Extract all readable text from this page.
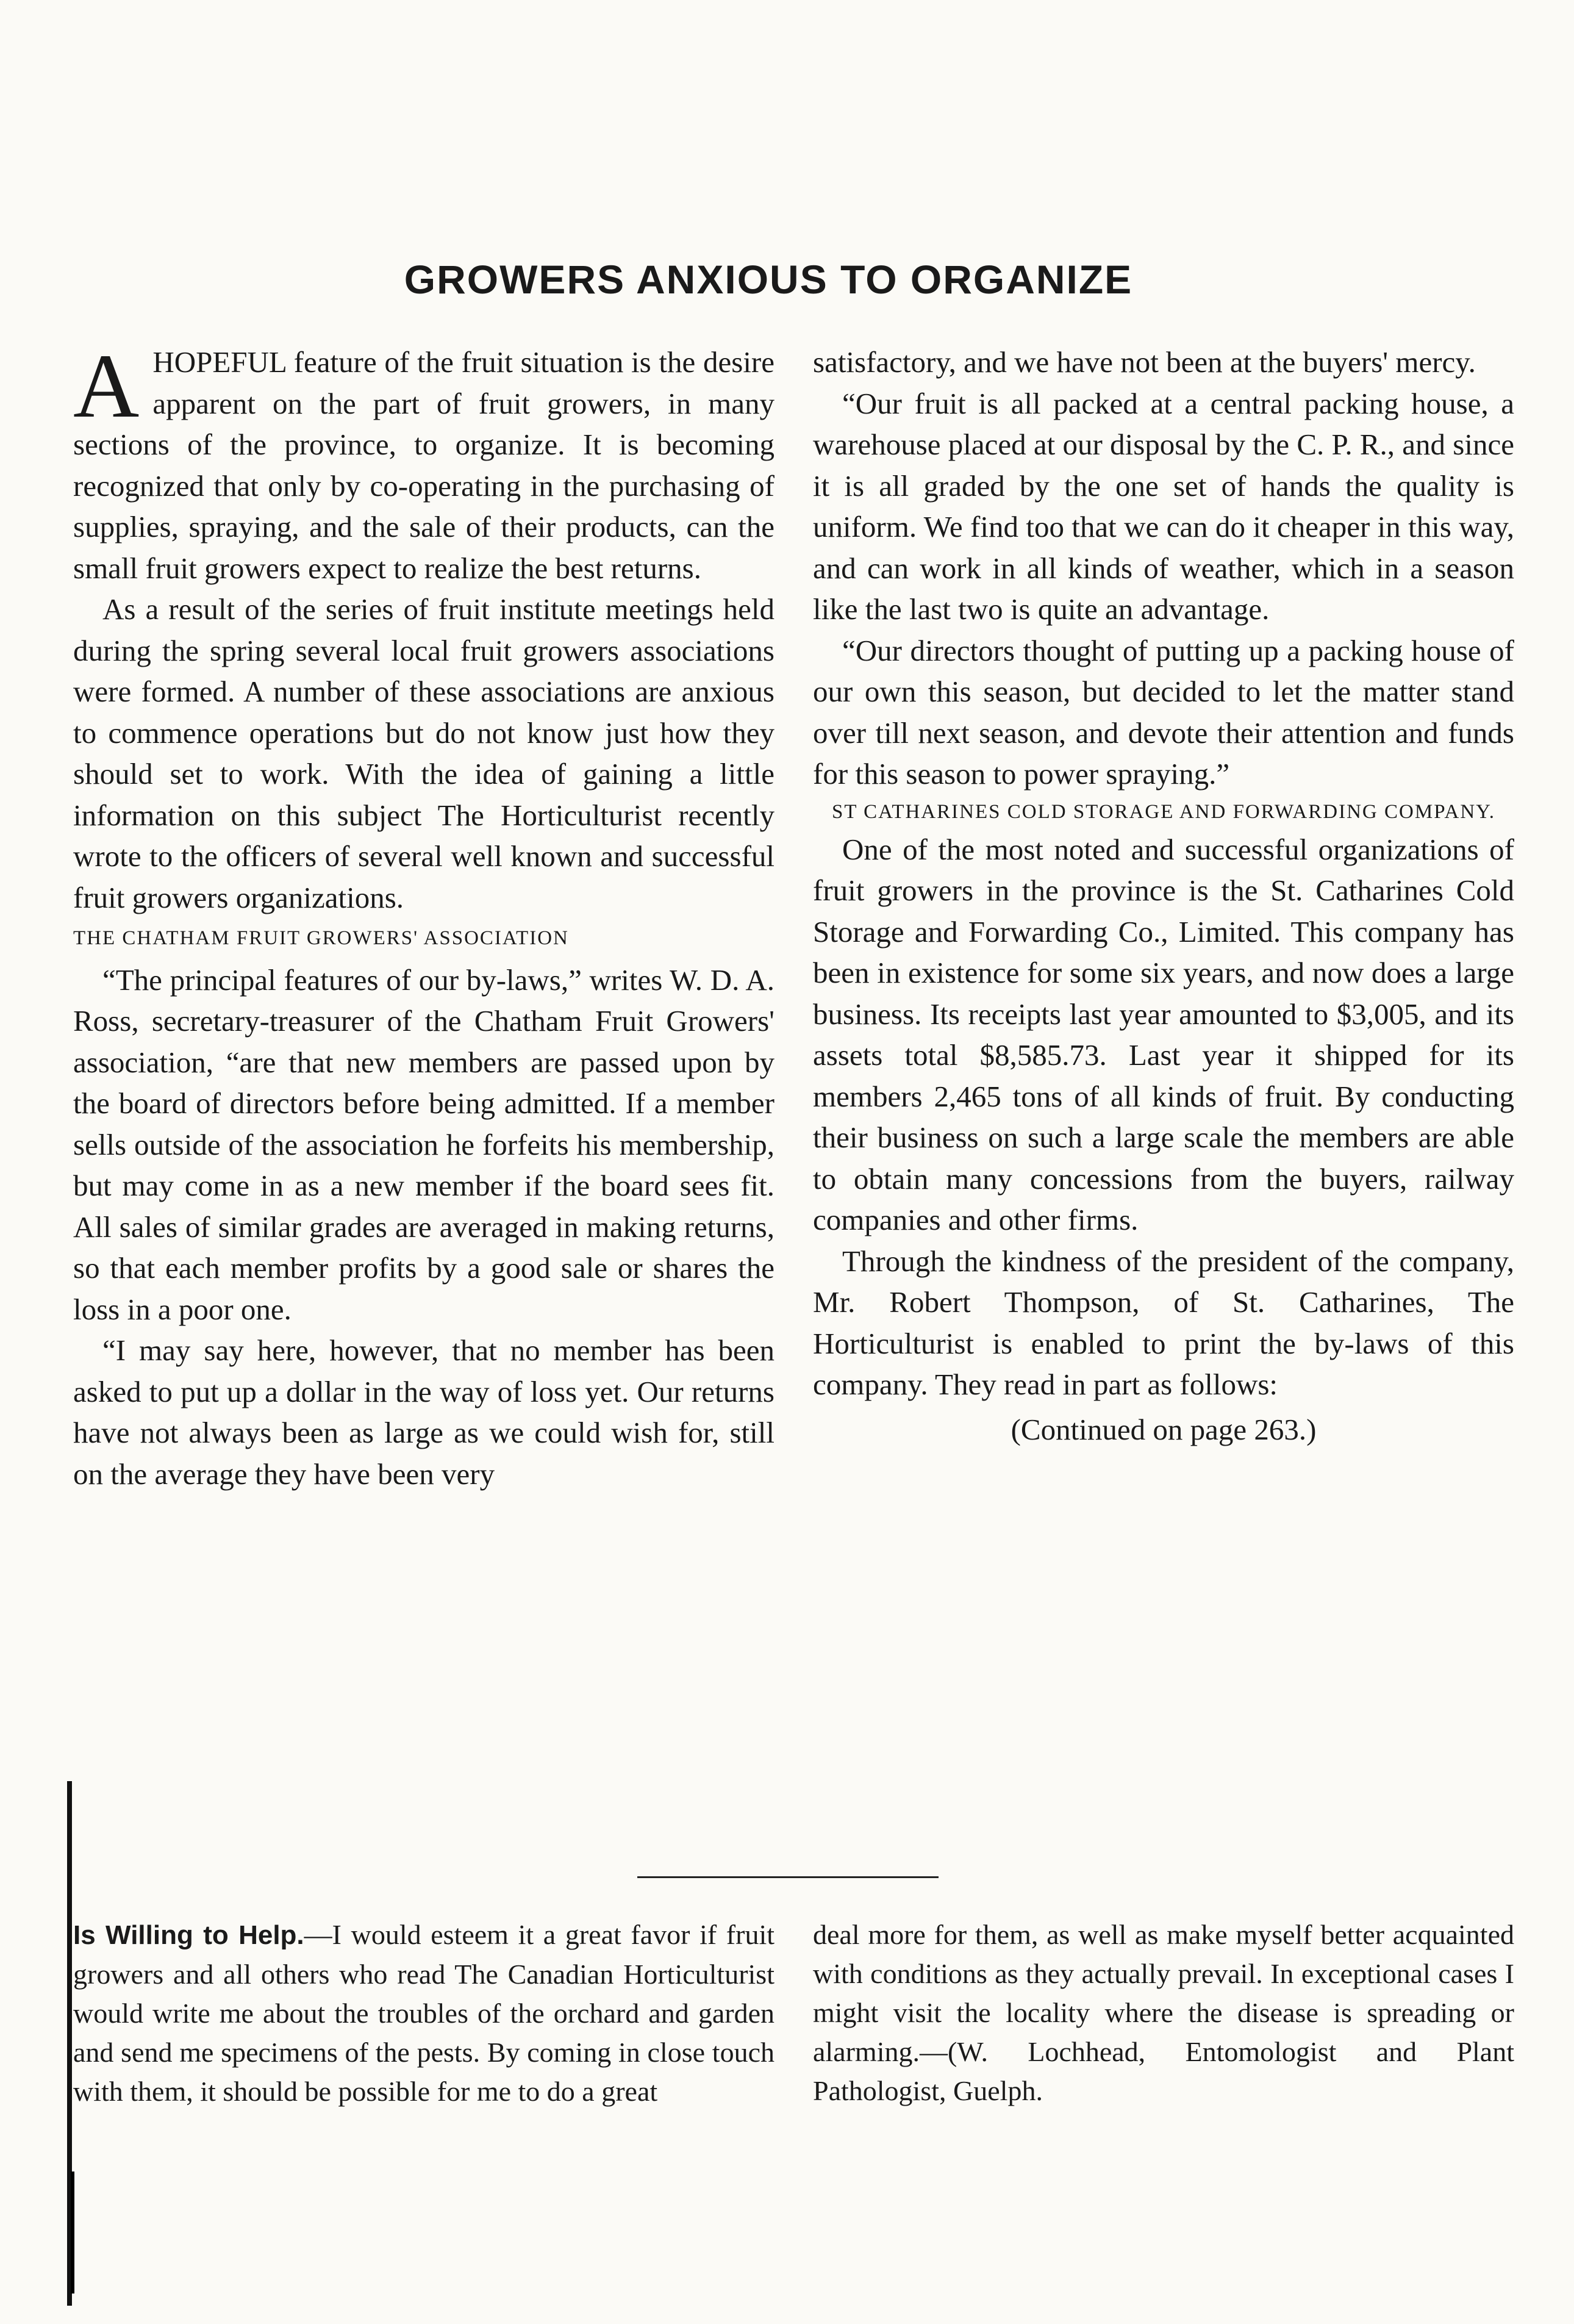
GROWERS ANXIOUS TO ORGANIZE

AHOPEFUL feature of the fruit situation is the desire apparent on the part of fruit growers, in many sections of the province, to organize. It is becoming recognized that only by co-operating in the purchasing of supplies, spraying, and the sale of their products, can the small fruit growers expect to realize the best returns.

As a result of the series of fruit institute meetings held during the spring several local fruit growers associations were formed. A number of these associations are anxious to commence operations but do not know just how they should set to work. With the idea of gaining a little information on this subject The Horticulturist recently wrote to the officers of several well known and successful fruit growers organizations.

THE CHATHAM FRUIT GROWERS' ASSOCIATION

“The principal features of our by-laws,” writes W. D. A. Ross, secretary-treasurer of the Chatham Fruit Growers' association, “are that new members are passed upon by the board of directors before being admitted. If a member sells outside of the association he forfeits his membership, but may come in as a new member if the board sees fit. All sales of similar grades are averaged in making returns, so that each member profits by a good sale or shares the loss in a poor one.

“I may say here, however, that no member has been asked to put up a dollar in the way of loss yet. Our returns have not always been as large as we could wish for, still on the average they have been very

satisfactory, and we have not been at the buyers' mercy.

“Our fruit is all packed at a central packing house, a warehouse placed at our disposal by the C. P. R., and since it is all graded by the one set of hands the quality is uniform. We find too that we can do it cheaper in this way, and can work in all kinds of weather, which in a season like the last two is quite an advantage.

“Our directors thought of putting up a packing house of our own this season, but decided to let the matter stand over till next season, and devote their attention and funds for this season to power spraying.”

ST CATHARINES COLD STORAGE AND FORWARDING COMPANY.

One of the most noted and successful organizations of fruit growers in the province is the St. Catharines Cold Storage and Forwarding Co., Limited. This company has been in existence for some six years, and now does a large business. Its receipts last year amounted to $3,005, and its assets total $8,585.73. Last year it shipped for its members 2,465 tons of all kinds of fruit. By conducting their business on such a large scale the members are able to obtain many concessions from the buyers, railway companies and other firms.

Through the kindness of the president of the company, Mr. Robert Thompson, of St. Catharines, The Horticulturist is enabled to print the by-laws of this company. They read in part as follows:

(Continued on page 263.)

Is Willing to Help.—I would esteem it a great favor if fruit growers and all others who read The Canadian Horticulturist would write me about the troubles of the orchard and garden and send me specimens of the pests. By coming in close touch with them, it should be possible for me to do a great

deal more for them, as well as make myself better acquainted with conditions as they actually prevail. In exceptional cases I might visit the locality where the disease is spreading or alarming.—(W. Lochhead, Entomologist and Plant Pathologist, Guelph.
